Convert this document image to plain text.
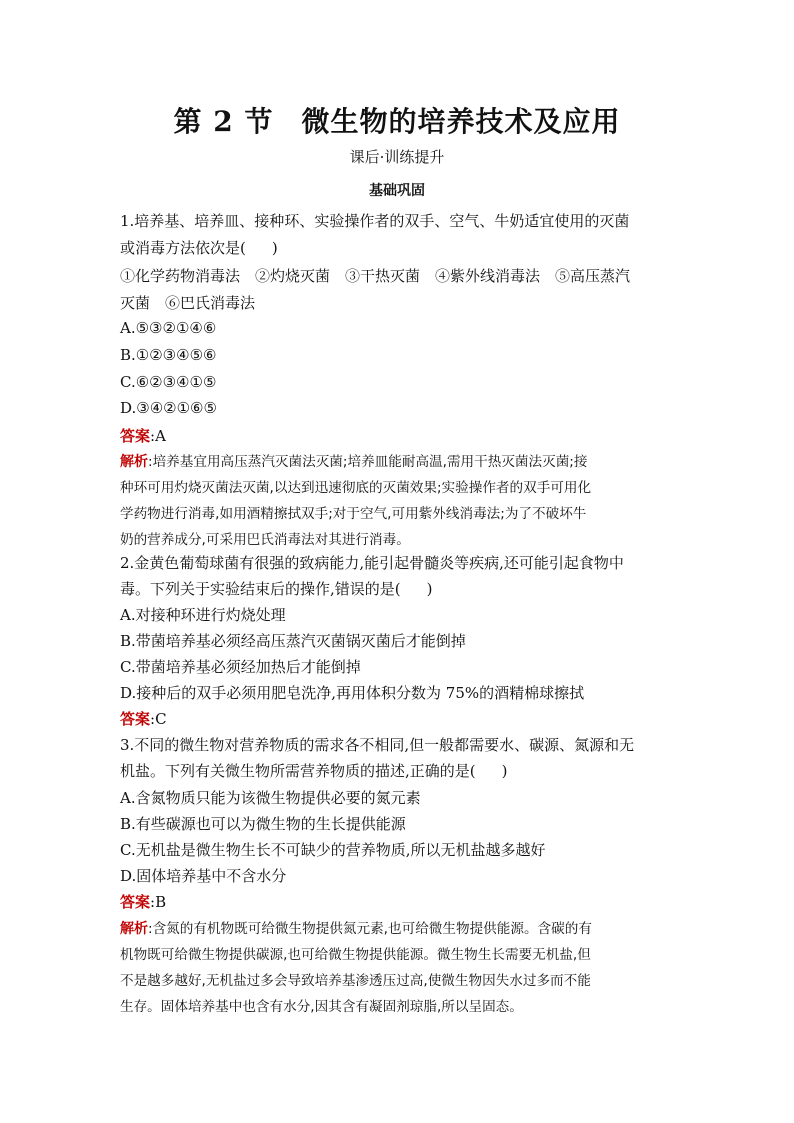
第 2 节 微生物的培养技术及应用
课后·训练提升
基础巩固
1.培养基、培养皿、接种环、实验操作者的双手、空气、牛奶适宜使用的灭菌
或消毒方法依次是( )
①化学药物消毒法　②灼烧灭菌　③干热灭菌　④紫外线消毒法　⑤高压蒸汽
灭菌　⑥巴氏消毒法
A.⑤③②①④⑥
B.①②③④⑤⑥
C.⑥②③④①⑤
D.③④②①⑥⑤
答案:A
解析:培养基宜用高压蒸汽灭菌法灭菌;培养皿能耐高温,需用干热灭菌法灭菌;接
种环可用灼烧灭菌法灭菌,以达到迅速彻底的灭菌效果;实验操作者的双手可用化
学药物进行消毒,如用酒精擦拭双手;对于空气,可用紫外线消毒法;为了不破坏牛
奶的营养成分,可采用巴氏消毒法对其进行消毒。
2.金黄色葡萄球菌有很强的致病能力,能引起骨髓炎等疾病,还可能引起食物中
毒。下列关于实验结束后的操作,错误的是( )
A.对接种环进行灼烧处理
B.带菌培养基必须经高压蒸汽灭菌锅灭菌后才能倒掉
C.带菌培养基必须经加热后才能倒掉
D.接种后的双手必须用肥皂洗净,再用体积分数为 75%的酒精棉球擦拭
答案:C
3.不同的微生物对营养物质的需求各不相同,但一般都需要水、碳源、氮源和无
机盐。下列有关微生物所需营养物质的描述,正确的是( )
A.含氮物质只能为该微生物提供必要的氮元素
B.有些碳源也可以为微生物的生长提供能源
C.无机盐是微生物生长不可缺少的营养物质,所以无机盐越多越好
D.固体培养基中不含水分
答案:B
解析:含氮的有机物既可给微生物提供氮元素,也可给微生物提供能源。含碳的有
机物既可给微生物提供碳源,也可给微生物提供能源。微生物生长需要无机盐,但
不是越多越好,无机盐过多会导致培养基渗透压过高,使微生物因失水过多而不能
生存。固体培养基中也含有水分,因其含有凝固剂琼脂,所以呈固态。
